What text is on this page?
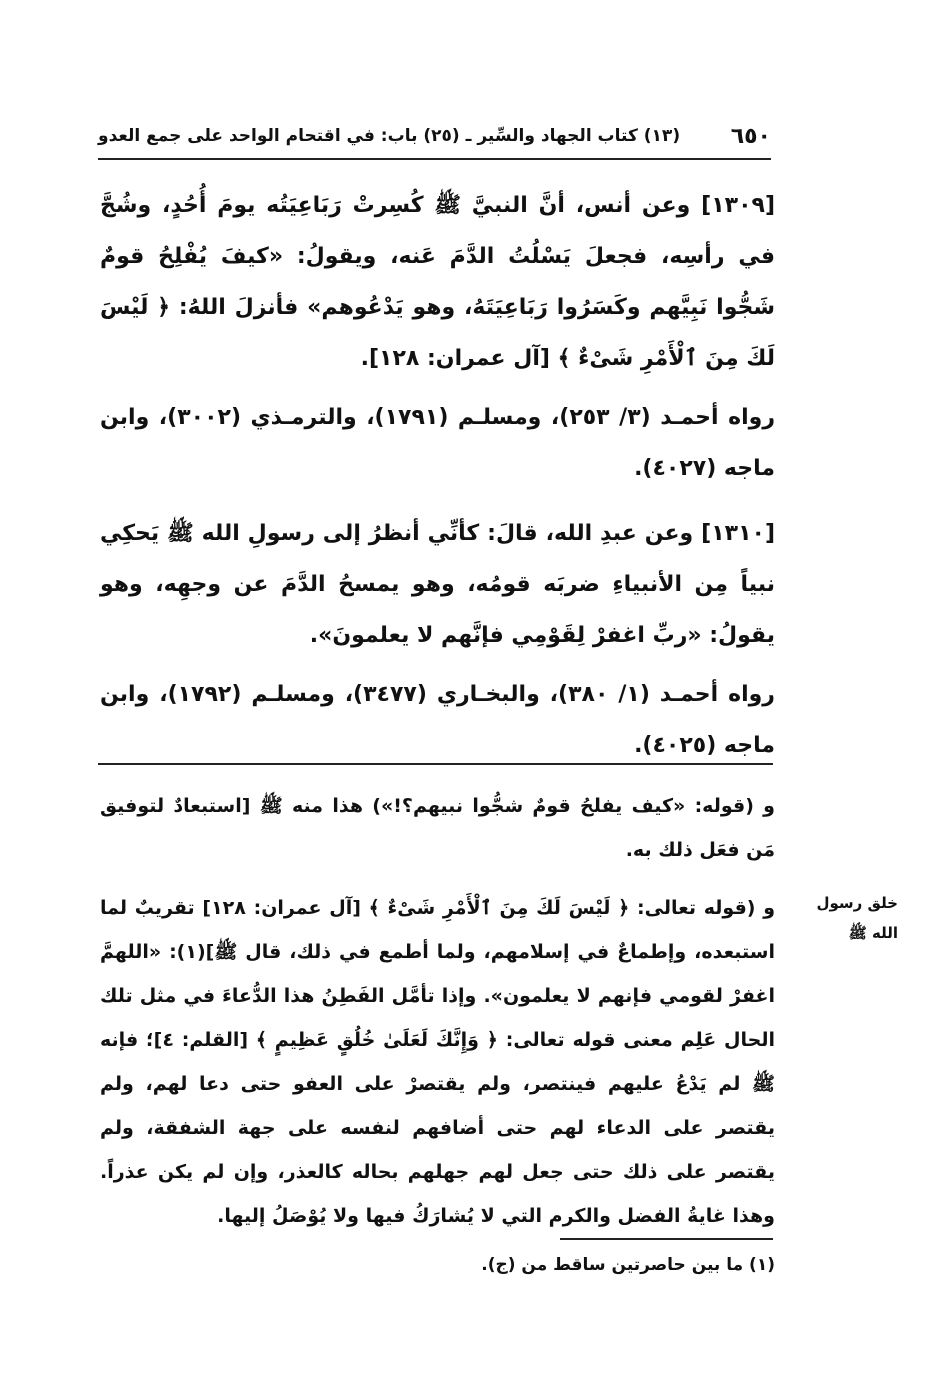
٦٥٠
(١٣) كتاب الجهاد والسِّير ـ (٢٥) باب: في اقتحام الواحد على جمع العدو

[١٣٠٩] وعن أنس، أنَّ النبيَّ ﷺ كُسِرتْ رَبَاعِيَتُه يومَ أُحُدٍ، وشُجَّ في رأسِه، فجعلَ يَسْلُتُ الدَّمَ عَنه، ويقولُ: «كيفَ يُفْلِحُ قومٌ شَجُّوا نَبِيَّهم وكَسَرُوا رَبَاعِيَتَهُ، وهو يَدْعُوهم» فأنزلَ اللهُ: ﴿ لَيْسَ لَكَ مِنَ ٱلْأَمْرِ شَىْءٌ ﴾ [آل عمران: ١٢٨].

رواه أحمـد (٣/ ٢٥٣)، ومسلـم (١٧٩١)، والترمـذي (٣٠٠٢)، وابن ماجه (٤٠٢٧).

[١٣١٠] وعن عبدِ الله، قالَ: كأنِّي أنظرُ إلى رسولِ الله ﷺ يَحكِي نبياً مِن الأنبياءِ ضربَه قومُه، وهو يمسحُ الدَّمَ عن وجهِه، وهو يقولُ: «ربِّ اغفرْ لِقَوْمِي فإنَّهم لا يعلمونَ».

رواه أحمـد (١/ ٣٨٠)، والبخـاري (٣٤٧٧)، ومسلـم (١٧٩٢)، وابن ماجه (٤٠٢٥).

و (قوله: «كيف يفلحُ قومٌ شجُّوا نبيهم؟!») هذا منه ﷺ [استبعادٌ لتوفيق مَن فعَل ذلك به.

و (قوله تعالى: ﴿ لَيْسَ لَكَ مِنَ ٱلْأَمْرِ شَىْءٌ ﴾ [آل عمران: ١٢٨] تقريبٌ لما استبعده، وإطماعٌ في إسلامهم، ولما أطمع في ذلك، قال ﷺ](١): «اللهمَّ اغفرْ لقومي فإنهم لا يعلمون». وإذا تأمَّل الفَطِنُ هذا الدُّعاءَ في مثل تلك الحال عَلِم معنى قوله تعالى: ﴿ وَإِنَّكَ لَعَلَىٰ خُلُقٍ عَظِيمٍ ﴾ [القلم: ٤]؛ فإنه ﷺ لم يَدْعُ عليهم فينتصر، ولم يقتصرْ على العفو حتى دعا لهم، ولم يقتصر على الدعاء لهم حتى أضافهم لنفسه على جهة الشفقة، ولم يقتصر على ذلك حتى جعل لهم جهلهم بحاله كالعذر، وإن لم يكن عذراً. وهذا غايةُ الفضل والكرم التي لا يُشارَكُ فيها ولا يُوْصَلُ إليها.

خلق رسول الله ﷺ
(١) ما بين حاصرتين ساقط من (ج).
